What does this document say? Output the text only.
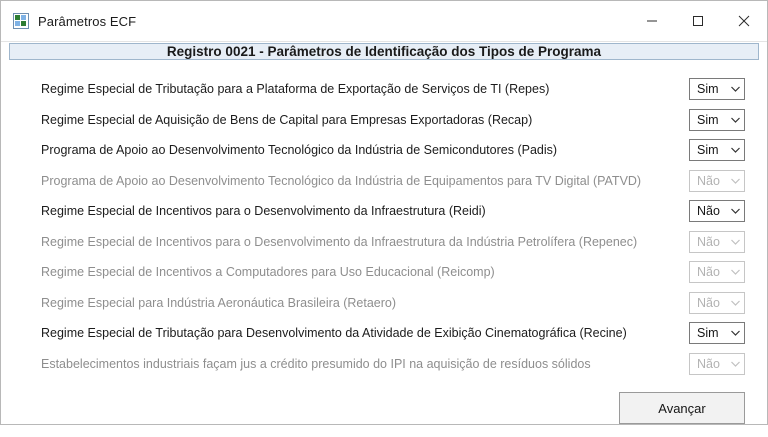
Parâmetros ECF
Registro 0021 - Parâmetros de Identificação dos Tipos de Programa
Regime Especial de Tributação para a Plataforma de Exportação de Serviços de TI (Repes)	Sim
Regime Especial de Aquisição de Bens de Capital para Empresas Exportadoras (Recap)	Sim
Programa de Apoio ao Desenvolvimento Tecnológico da Indústria de Semicondutores (Padis)	Sim
Programa de Apoio ao Desenvolvimento Tecnológico da Indústria de Equipamentos para TV Digital (PATVD)	Não
Regime Especial de Incentivos para o Desenvolvimento da Infraestrutura (Reidi)	Não
Regime Especial de Incentivos para o Desenvolvimento da Infraestrutura da Indústria Petrolífera (Repenec)	Não
Regime Especial de Incentivos a Computadores para Uso Educacional (Reicomp)	Não
Regime Especial para Indústria Aeronáutica Brasileira (Retaero)	Não
Regime Especial de Tributação para Desenvolvimento da Atividade de Exibição Cinematográfica (Recine)	Sim
Estabelecimentos industriais façam jus a crédito presumido do IPI na aquisição de resíduos sólidos	Não
Avançar
